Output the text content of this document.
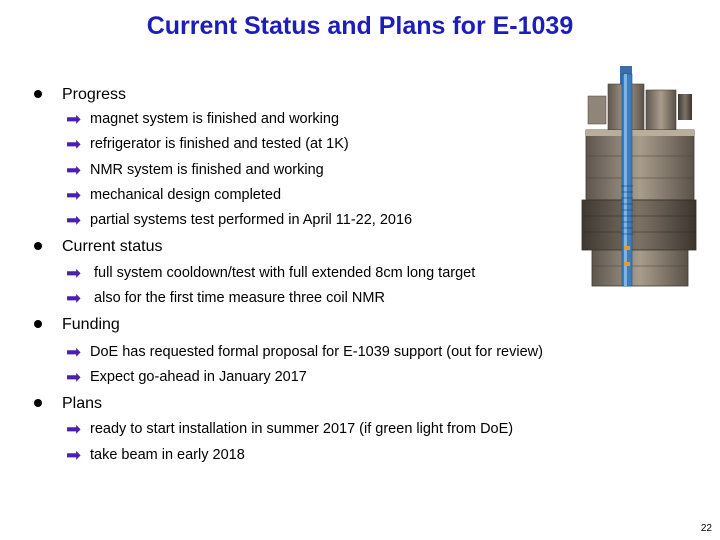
Current Status and Plans for E-1039
Progress
➡ magnet system is finished and working
➡ refrigerator is finished and tested (at 1K)
➡ NMR system is finished and working
➡ mechanical design completed
➡ partial systems test performed in April 11-22, 2016
Current status
➡ full system cooldown/test with full extended 8cm long target
➡ also for the first time measure three coil NMR
Funding
➡ DoE has requested formal proposal for E-1039 support (out for review)
➡ Expect go-ahead in January 2017
Plans
➡ ready to start installation in summer 2017 (if green light from DoE)
➡ take beam in early 2018
22
